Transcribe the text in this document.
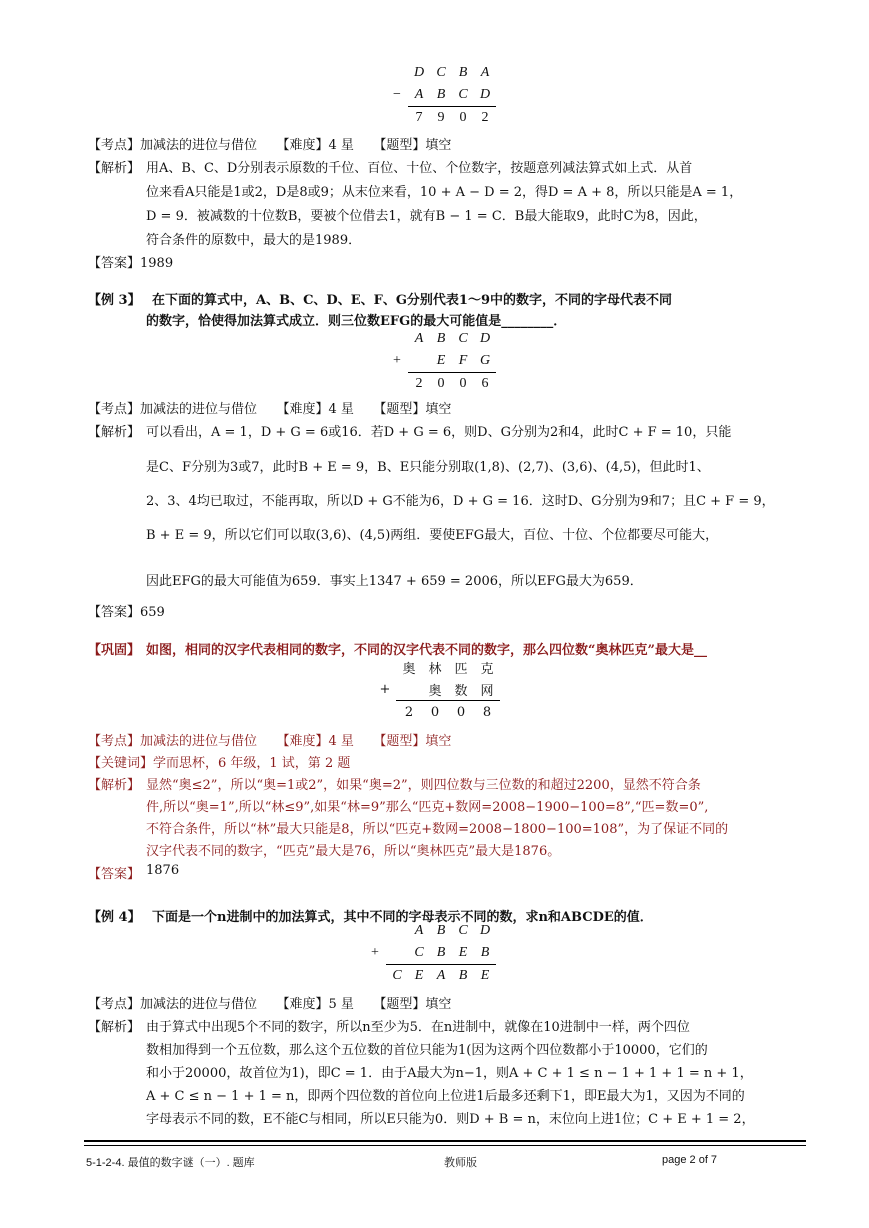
D C B A
− A B C D
7	9	0	2
【考点】加减法的进位与借位　　【难度】4 星　　【题型】填空
【解析】 用A、B、C、D分别表示原数的千位、百位、十位、个位数字，按题意列减法算式如上式．从首
位来看A只能是1或2，D是8或9；从末位来看，10 + A − D = 2，得D = A + 8，所以只能是A = 1，
D = 9．被减数的十位数B，要被个位借去1，就有B − 1 = C．B最大能取9，此时C为8，因此，
符合条件的原数中，最大的是1989．
【答案】1989
【例 3】 在下面的算式中，A、B、C、D、E、F、G分别代表1～9中的数字，不同的字母代表不同
的数字，恰使得加法算式成立．则三位数EFG的最大可能值是________．
A B C D
+	E F G
2	0	0	6
【考点】加减法的进位与借位　　【难度】4 星　　【题型】填空
【解析】 可以看出，A = 1，D + G = 6或16．若D + G = 6，则D、G分别为2和4，此时C + F = 10，只能
是C、F分别为3或7，此时B + E = 9，B、E只能分别取(1,8)、(2,7)、(3,6)、(4,5)，但此时1、
2、3、4均已取过，不能再取，所以D + G不能为6，D + G = 16．这时D、G分别为9和7；且C + F = 9，
B + E = 9，所以它们可以取(3,6)、(4,5)两组．要使EFG最大，百位、十位、个位都要尽可能大，
因此EFG的最大可能值为659．事实上1347 + 659 = 2006，所以EFG最大为659．
【答案】659
【巩固】 如图，相同的汉字代表相同的数字，不同的汉字代表不同的数字，那么四位数“奥林匹克”最大是__
奥 林 匹 克
+	奥 数 网
2	0	0	8
【考点】加减法的进位与借位　　【难度】4 星　　【题型】填空
【关键词】学而思杯，6 年级，1 试，第 2 题
【解析】 显然“奥≤2”，所以“奥=1或2”，如果“奥=2”，则四位数与三位数的和超过2200，显然不符合条
件,所以“奥=1”,所以“林≤9”,如果“林=9”那么“匹克+数网=2008−1900−100=8”,“匹=数=0”,
不符合条件，所以“林”最大只能是8，所以“匹克+数网=2008−1800−100=108”，为了保证不同的
汉字代表不同的数字，“匹克”最大是76，所以“奥林匹克”最大是1876。
【答案】 1876
【例 4】 下面是一个n进制中的加法算式，其中不同的字母表示不同的数，求n和ABCDE的值．
A B C D
+	C B E B
C E A B E
【考点】加减法的进位与借位　　【难度】5 星　　【题型】填空
【解析】 由于算式中出现5个不同的数字，所以n至少为5．在n进制中，就像在10进制中一样，两个四位
数相加得到一个五位数，那么这个五位数的首位只能为1(因为这两个四位数都小于10000，它们的
和小于20000，故首位为1)，即C = 1．由于A最大为n−1，则A + C + 1 ≤ n − 1 + 1 + 1 = n + 1，
A + C ≤ n − 1 + 1 = n，即两个四位数的首位向上位进1后最多还剩下1，即E最大为1，又因为不同的
字母表示不同的数，E不能C与相同，所以E只能为0．则D + B = n，末位向上进1位；C + E + 1 = 2，
5-1-2-4. 最值的数字谜（一）. 题库	教师版	page 2 of 7
